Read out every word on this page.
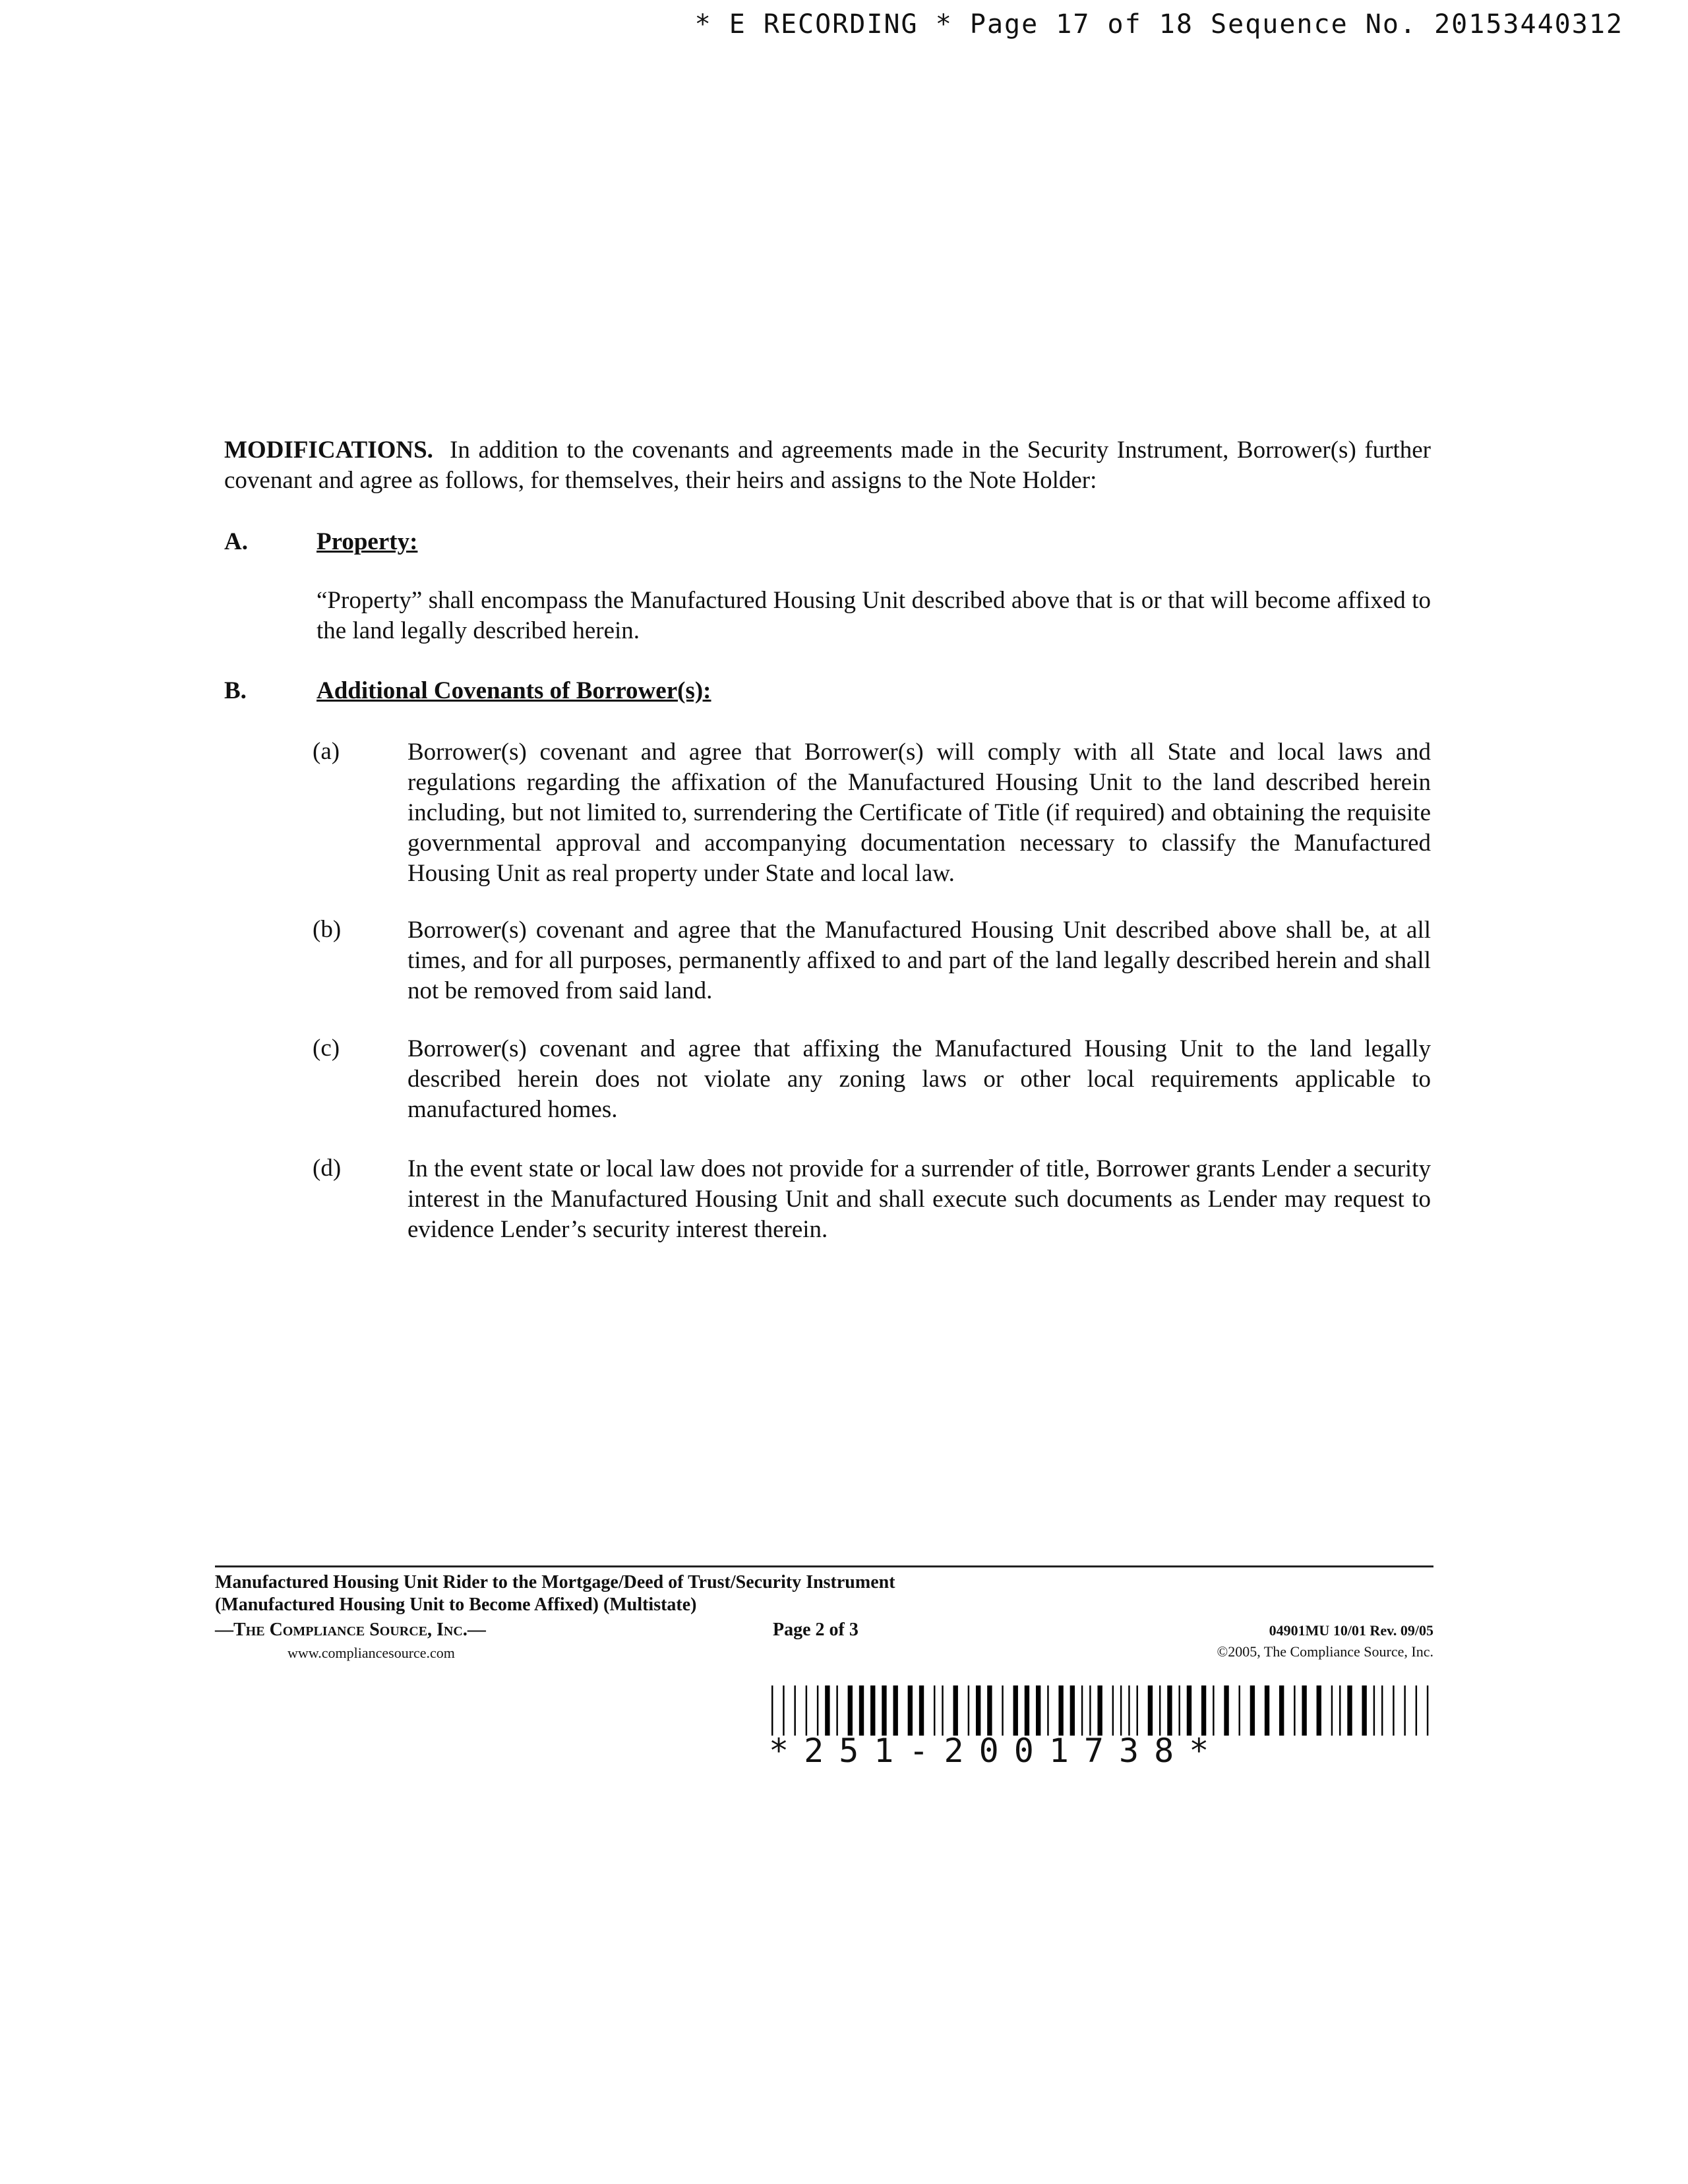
* E RECORDING * Page 17 of 18 Sequence No. 20153440312
MODIFICATIONS. In addition to the covenants and agreements made in the Security Instrument, Borrower(s) further covenant and agree as follows, for themselves, their heirs and assigns to the Note Holder:
A.	Property:
“Property” shall encompass the Manufactured Housing Unit described above that is or that will become affixed to the land legally described herein.
B.	Additional Covenants of Borrower(s):
(a)	Borrower(s) covenant and agree that Borrower(s) will comply with all State and local laws and regulations regarding the affixation of the Manufactured Housing Unit to the land described herein including, but not limited to, surrendering the Certificate of Title (if required) and obtaining the requisite governmental approval and accompanying documentation necessary to classify the Manufactured Housing Unit as real property under State and local law.
(b)	Borrower(s) covenant and agree that the Manufactured Housing Unit described above shall be, at all times, and for all purposes, permanently affixed to and part of the land legally described herein and shall not be removed from said land.
(c)	Borrower(s) covenant and agree that affixing the Manufactured Housing Unit to the land legally described herein does not violate any zoning laws or other local requirements applicable to manufactured homes.
(d)	In the event state or local law does not provide for a surrender of title, Borrower grants Lender a security interest in the Manufactured Housing Unit and shall execute such documents as Lender may request to evidence Lender’s security interest therein.
Manufactured Housing Unit Rider to the Mortgage/Deed of Trust/Security Instrument
(Manufactured Housing Unit to Become Affixed) (Multistate)
—The Compliance Source, Inc.—
www.compliancesource.com
Page 2 of 3	04901MU 10/01 Rev. 09/05
©2005, The Compliance Source, Inc.
*251-2001738*
